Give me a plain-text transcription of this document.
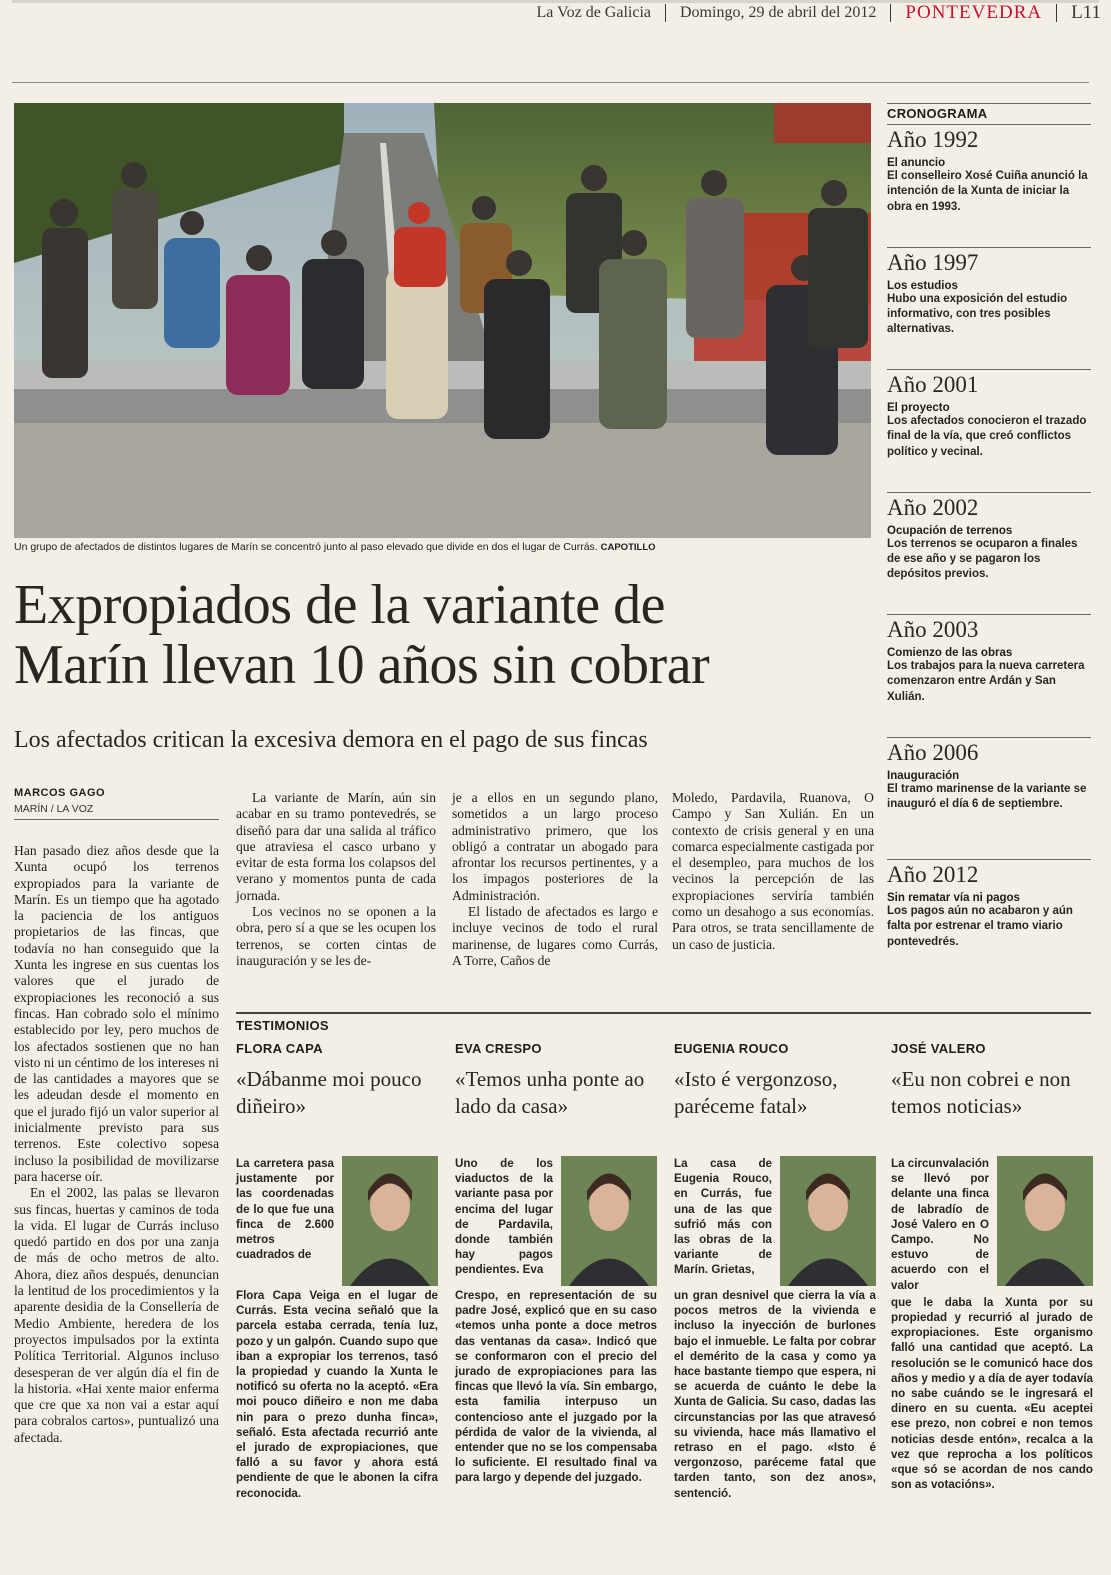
La Voz de Galicia Domingo, 29 de abril del 2012 PONTEVEDRA L11
Un grupo de afectados de distintos lugares de Marín se concentró junto al paso elevado que divide en dos el lugar de Currás. CAPOTILLO
Expropiados de la variante de
Marín llevan 10 años sin cobrar
Los afectados critican la excesiva demora en el pago de sus fincas
MARCOS GAGO
MARÍN / LA VOZ

Han pasado diez años desde que la Xunta ocupó los terrenos expropiados para la variante de Marín. Es un tiempo que ha agotado la paciencia de los antiguos propietarios de las fincas, que todavía no han conseguido que la Xunta les ingrese en sus cuentas los valores que el jurado de expropiaciones les reconoció a sus fincas. Han cobrado solo el mínimo establecido por ley, pero muchos de los afectados sostienen que no han visto ni un céntimo de los intereses ni de las cantidades a mayores que se les adeudan desde el momento en que el jurado fijó un valor superior al inicialmente previsto para sus terrenos. Este colectivo sopesa incluso la posibilidad de movilizarse para hacerse oír.

En el 2002, las palas se llevaron sus fincas, huertas y caminos de toda la vida. El lugar de Currás incluso quedó partido en dos por una zanja de más de ocho metros de alto. Ahora, diez años después, denuncian la lentitud de los procedimientos y la aparente desidia de la Consellería de Medio Ambiente, heredera de los proyectos impulsados por la extinta Política Territorial. Algunos incluso desesperan de ver algún día el fin de la historia. «Hai xente maior enferma que cre que xa non vai a estar aquí para cobralos cartos», puntualizó una afectada.

La variante de Marín, aún sin acabar en su tramo pontevedrés, se diseñó para dar una salida al tráfico que atraviesa el casco urbano y evitar de esta forma los colapsos del verano y momentos punta de cada jornada.

Los vecinos no se oponen a la obra, pero sí a que se les ocupen los terrenos, se corten cintas de inauguración y se les de-

je a ellos en un segundo plano, sometidos a un largo proceso administrativo primero, que los obligó a contratar un abogado para afrontar los recursos pertinentes, y a los impagos posteriores de la Administración.

El listado de afectados es largo e incluye vecinos de todo el rural marinense, de lugares como Currás, A Torre, Caños de

Moledo, Pardavila, Ruanova, O Campo y San Xulián. En un contexto de crisis general y en una comarca especialmente castigada por el desempleo, para muchos de los vecinos la percepción de las expropiaciones serviría también como un desahogo a sus economías. Para otros, se trata sencillamente de un caso de justicia.

CRONOGRAMA
Año 1992
El anuncio
El conselleiro Xosé Cuiña anunció la intención de la Xunta de iniciar la obra en 1993.
Año 1997
Los estudios
Hubo una exposición del estudio informativo, con tres posibles alternativas.
Año 2001
El proyecto
Los afectados conocieron el trazado final de la vía, que creó conflictos político y vecinal.
Año 2002
Ocupación de terrenos
Los terrenos se ocuparon a finales de ese año y se pagaron los depósitos previos.
Año 2003
Comienzo de las obras
Los trabajos para la nueva carretera comenzaron entre Ardán y San Xulián.
Año 2006
Inauguración
El tramo marinense de la variante se inauguró el día 6 de septiembre.
Año 2012
Sin rematar vía ni pagos
Los pagos aún no acabaron y aún falta por estrenar el tramo viario pontevedrés.
TESTIMONIOS
FLORA CAPA
«Dábanme moi pouco diñeiro»
La carretera pasa justamente por las coordenadas de lo que fue una finca de 2.600 metros cuadrados de
Flora Capa Veiga en el lugar de Currás. Esta vecina señaló que la parcela estaba cerrada, tenía luz, pozo y un galpón. Cuando supo que iban a expropiar los terrenos, tasó la propiedad y cuando la Xunta le notificó su oferta no la aceptó. «Era moi pouco diñeiro e non me daba nin para o prezo dunha finca», señaló. Esta afectada recurrió ante el jurado de expropiaciones, que falló a su favor y ahora está pendiente de que le abonen la cifra reconocida.
EVA CRESPO
«Temos unha ponte ao lado da casa»
Uno de los viaductos de la variante pasa por encima del lugar de Pardavila, donde también hay pagos pendientes. Eva
Crespo, en representación de su padre José, explicó que en su caso «temos unha ponte a doce metros das ventanas da casa». Indicó que se conformaron con el precio del jurado de expropiaciones para las fincas que llevó la vía. Sin embargo, esta familia interpuso un contencioso ante el juzgado por la pérdida de valor de la vivienda, al entender que no se los compensaba lo suficiente. El resultado final va para largo y depende del juzgado.
EUGENIA ROUCO
«Isto é vergonzoso, paréceme fatal»
La casa de Eugenia Rouco, en Currás, fue una de las que sufrió más con las obras de la variante de Marín. Grietas,
un gran desnivel que cierra la vía a pocos metros de la vivienda e incluso la inyección de burlones bajo el inmueble. Le falta por cobrar el demérito de la casa y como ya hace bastante tiempo que espera, ni se acuerda de cuánto le debe la Xunta de Galicia. Su caso, dadas las circunstancias por las que atravesó su vivienda, hace más llamativo el retraso en el pago. «Isto é vergonzoso, paréceme fatal que tarden tanto, son dez anos», sentenció.
JOSÉ VALERO
«Eu non cobrei e non temos noticias»
La circunvalación se llevó por delante una finca de labradío de José Valero en O Campo. No estuvo de acuerdo con el valor
que le daba la Xunta por su propiedad y recurrió al jurado de expropiaciones. Este organismo falló una cantidad que aceptó. La resolución se le comunicó hace dos años y medio y a día de ayer todavía no sabe cuándo se le ingresará el dinero en su cuenta. «Eu aceptei ese prezo, non cobrei e non temos noticias desde entón», recalca a la vez que reprocha a los políticos «que só se acordan de nos cando son as votacións».
